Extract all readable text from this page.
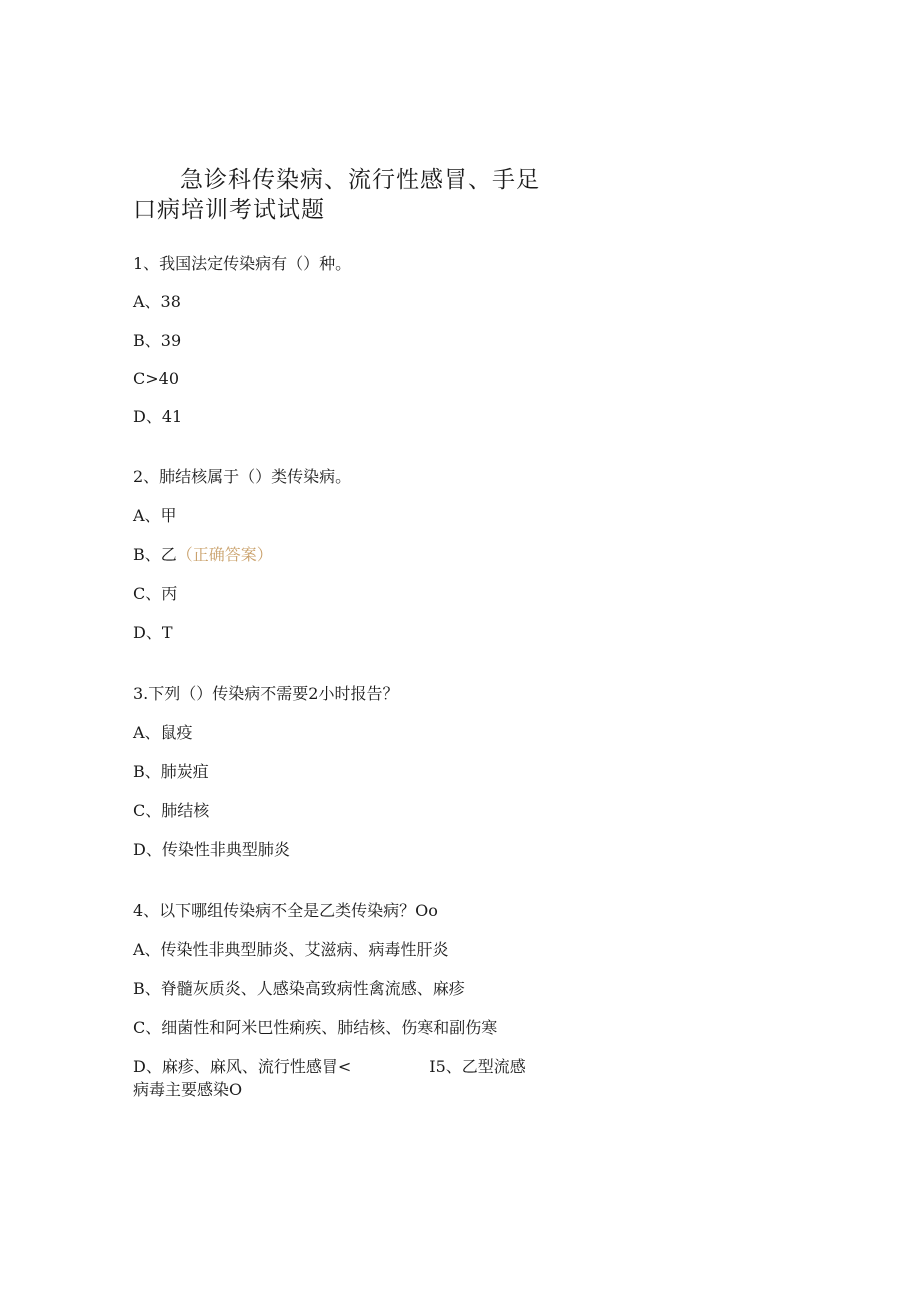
急诊科传染病、流行性感冒、手足口病培训考试试题
1、我国法定传染病有（）种。
A、38
B、39
C>40
D、41
2、肺结核属于（）类传染病。
A、甲
B、乙（正确答案）
C、丙
D、T
3.下列（）传染病不需要2小时报告？
A、鼠疫
B、肺炭疽
C、肺结核
D、传染性非典型肺炎
4、以下哪组传染病不全是乙类传染病？Oo
A、传染性非典型肺炎、艾滋病、病毒性肝炎
B、脊髓灰质炎、人感染高致病性禽流感、麻疹
C、细菌性和阿米巴性痢疾、肺结核、伤寒和副伤寒
D、麻疹、麻风、流行性感冒<	I5、乙型流感
病毒主要感染O
